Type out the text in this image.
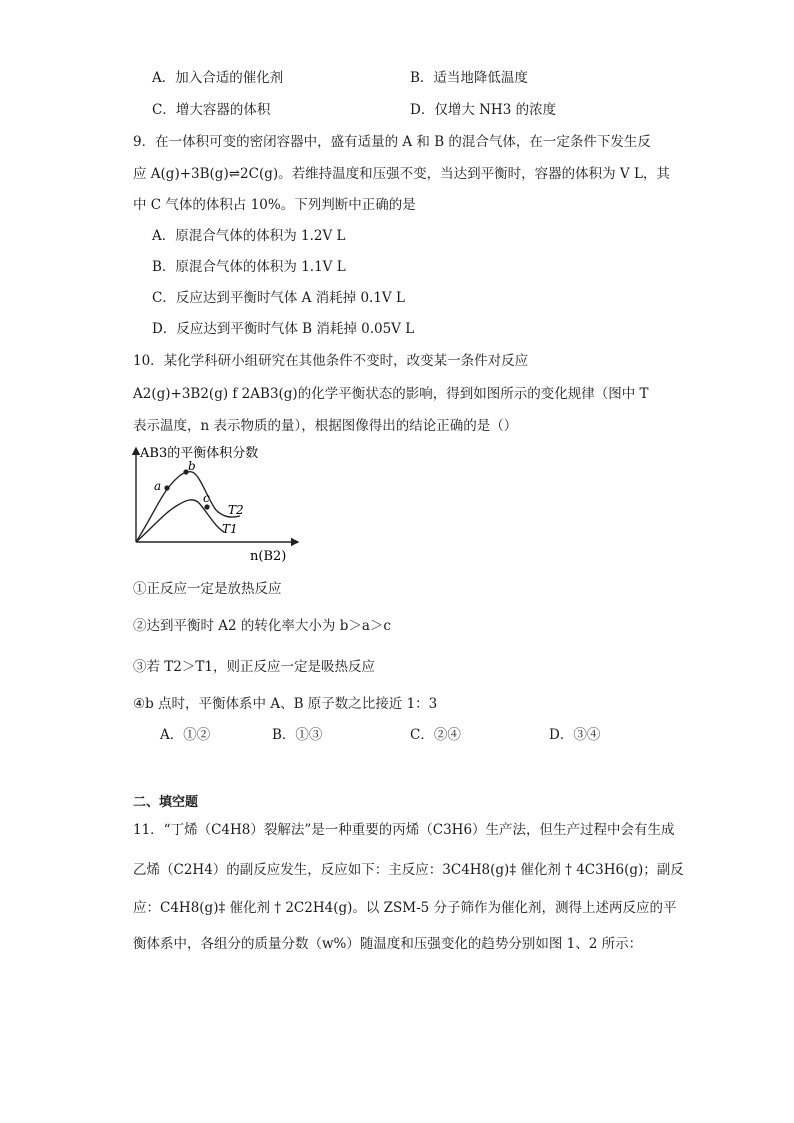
A．加入合适的催化剂	B．适当地降低温度
C．增大容器的体积	D．仅增大 NH3 的浓度
9．在一体积可变的密闭容器中，盛有适量的 A 和 B 的混合气体，在一定条件下发生反
应 A(g)+3B(g)⇌2C(g)。若维持温度和压强不变，当达到平衡时，容器的体积为 V L，其
中 C 气体的体积占 10%。下列判断中正确的是
A．原混合气体的体积为 1.2V L
B．原混合气体的体积为 1.1V L
C．反应达到平衡时气体 A 消耗掉 0.1V L
D．反应达到平衡时气体 B 消耗掉 0.05V L
10．某化学科研小组研究在其他条件不变时，改变某一条件对反应
A2(g)+3B2(g) f 2AB3(g)的化学平衡状态的影响，得到如图所示的变化规律（图中 T
表示温度，n 表示物质的量），根据图像得出的结论正确的是（）
a
b
c
T2
T1
AB3的平衡体积分数
n(B2)
①正反应一定是放热反应
②达到平衡时 A2 的转化率大小为 b＞a＞c
③若 T2＞T1，则正反应一定是吸热反应
④b 点时，平衡体系中 A、B 原子数之比接近 1：3
A．①②	B．①③	C．②④	D．③④
二、填空题
11．“丁烯（C4H8）裂解法”是一种重要的丙烯（C3H6）生产法，但生产过程中会有生成
乙烯（C2H4）的副反应发生，反应如下：主反应：3C4H8(g)‡ 催化剂 † 4C3H6(g)；副反
应：C4H8(g)‡ 催化剂 † 2C2H4(g)。以 ZSM-5 分子筛作为催化剂，测得上述两反应的平
衡体系中，各组分的质量分数（w%）随温度和压强变化的趋势分别如图 1、2 所示：
